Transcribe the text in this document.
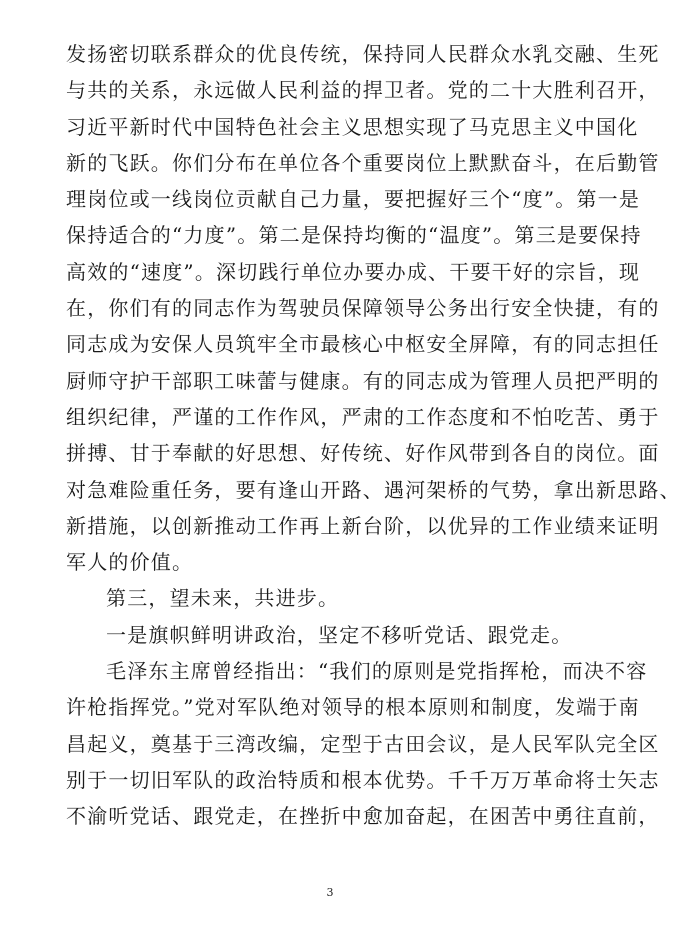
发扬密切联系群众的优良传统，保持同人民群众水乳交融、生死
与共的关系，永远做人民利益的捍卫者。党的二十大胜利召开，
习近平新时代中国特色社会主义思想实现了马克思主义中国化
新的飞跃。你们分布在单位各个重要岗位上默默奋斗，在后勤管
理岗位或一线岗位贡献自己力量，要把握好三个“度”。第一是
保持适合的“力度”。第二是保持均衡的“温度”。第三是要保持
高效的“速度”。深切践行单位办要办成、干要干好的宗旨，现
在，你们有的同志作为驾驶员保障领导公务出行安全快捷，有的
同志成为安保人员筑牢全市最核心中枢安全屏障，有的同志担任
厨师守护干部职工味蕾与健康。有的同志成为管理人员把严明的
组织纪律，严谨的工作作风，严肃的工作态度和不怕吃苦、勇于
拼搏、甘于奉献的好思想、好传统、好作风带到各自的岗位。面
对急难险重任务，要有逢山开路、遇河架桥的气势，拿出新思路、
新措施，以创新推动工作再上新台阶，以优异的工作业绩来证明
军人的价值。
第三，望未来，共进步。
一是旗帜鲜明讲政治，坚定不移听党话、跟党走。
毛泽东主席曾经指出：“我们的原则是党指挥枪，而决不容
许枪指挥党。”党对军队绝对领导的根本原则和制度，发端于南
昌起义，奠基于三湾改编，定型于古田会议，是人民军队完全区
别于一切旧军队的政治特质和根本优势。千千万万革命将士矢志
不渝听党话、跟党走，在挫折中愈加奋起，在困苦中勇往直前，
3
